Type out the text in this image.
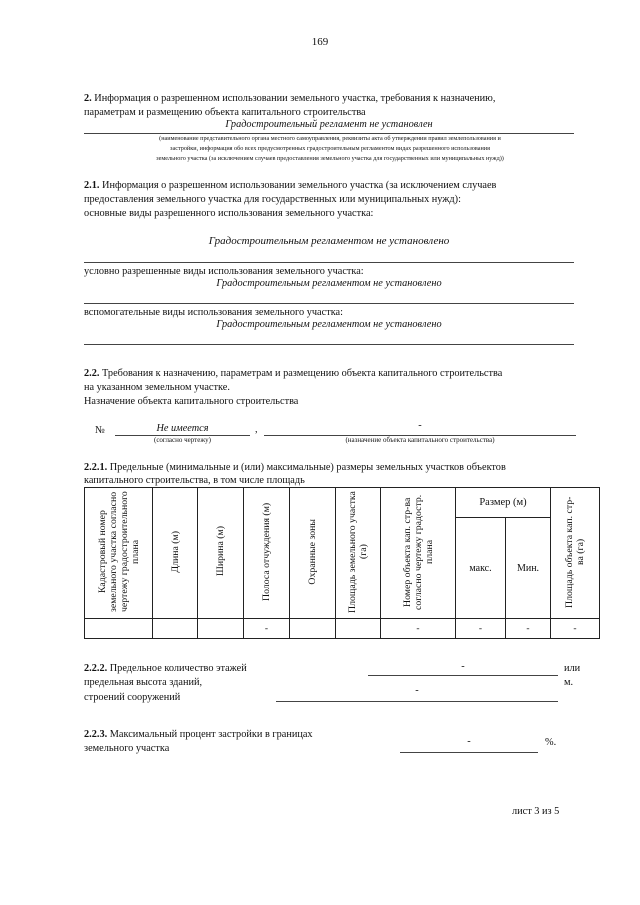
169
2. Информация о разрешенном использовании земельного участка, требования к назначению,
параметрам и размещению объекта капитального строительства
Градостроительный регламент не установлен
(наименование представительного органа местного самоуправления, реквизиты акта об утверждении правил землепользования и
застройки, информация обо всех предусмотренных градостроительным регламентом видах разрешенного использования
земельного участка (за исключением случаев предоставления земельного участка для государственных или муниципальных нужд))
2.1. Информация о разрешенном использовании земельного участка (за исключением случаев
предоставления земельного участка для государственных или муниципальных нужд):
основные виды разрешенного использования земельного участка:
Градостроительным регламентом не установлено
условно разрешенные виды использования земельного участка:
Градостроительным регламентом не установлено
вспомогательные виды использования земельного участка:
Градостроительным регламентом не установлено
2.2. Требования к назначению, параметрам и размещению объекта капитального строительства
на указанном земельном участке.
Назначение объекта капитального строительства
№	Не имеется	,	-
(согласно чертежу)	(назначение объекта капитального строительства)
2.2.1. Предельные (минимальные и (или) максимальные) размеры земельных участков объектов
капитального строительства, в том числе площадь
Кадастровый номер земельного участка согласно чертежу градостроительного плана	Длина (м)	Ширина (м)	Полоса отчуждения (м)	Охранные зоны	Площадь земельного участка (га)	Номер объекта кап. стр-ва согласно чертежу градостр. плана	Размер (м)		Площадь объекта кап. стр-ва (га)
							макс.	Мин.	
			-			-	-	-	-
2.2.2. Предельное количество этажей
предельная высота зданий,
строений сооружений
-	или
-
м.
2.2.3. Максимальный процент застройки в границах
земельного участка
-	%.
лист 3 из 5
